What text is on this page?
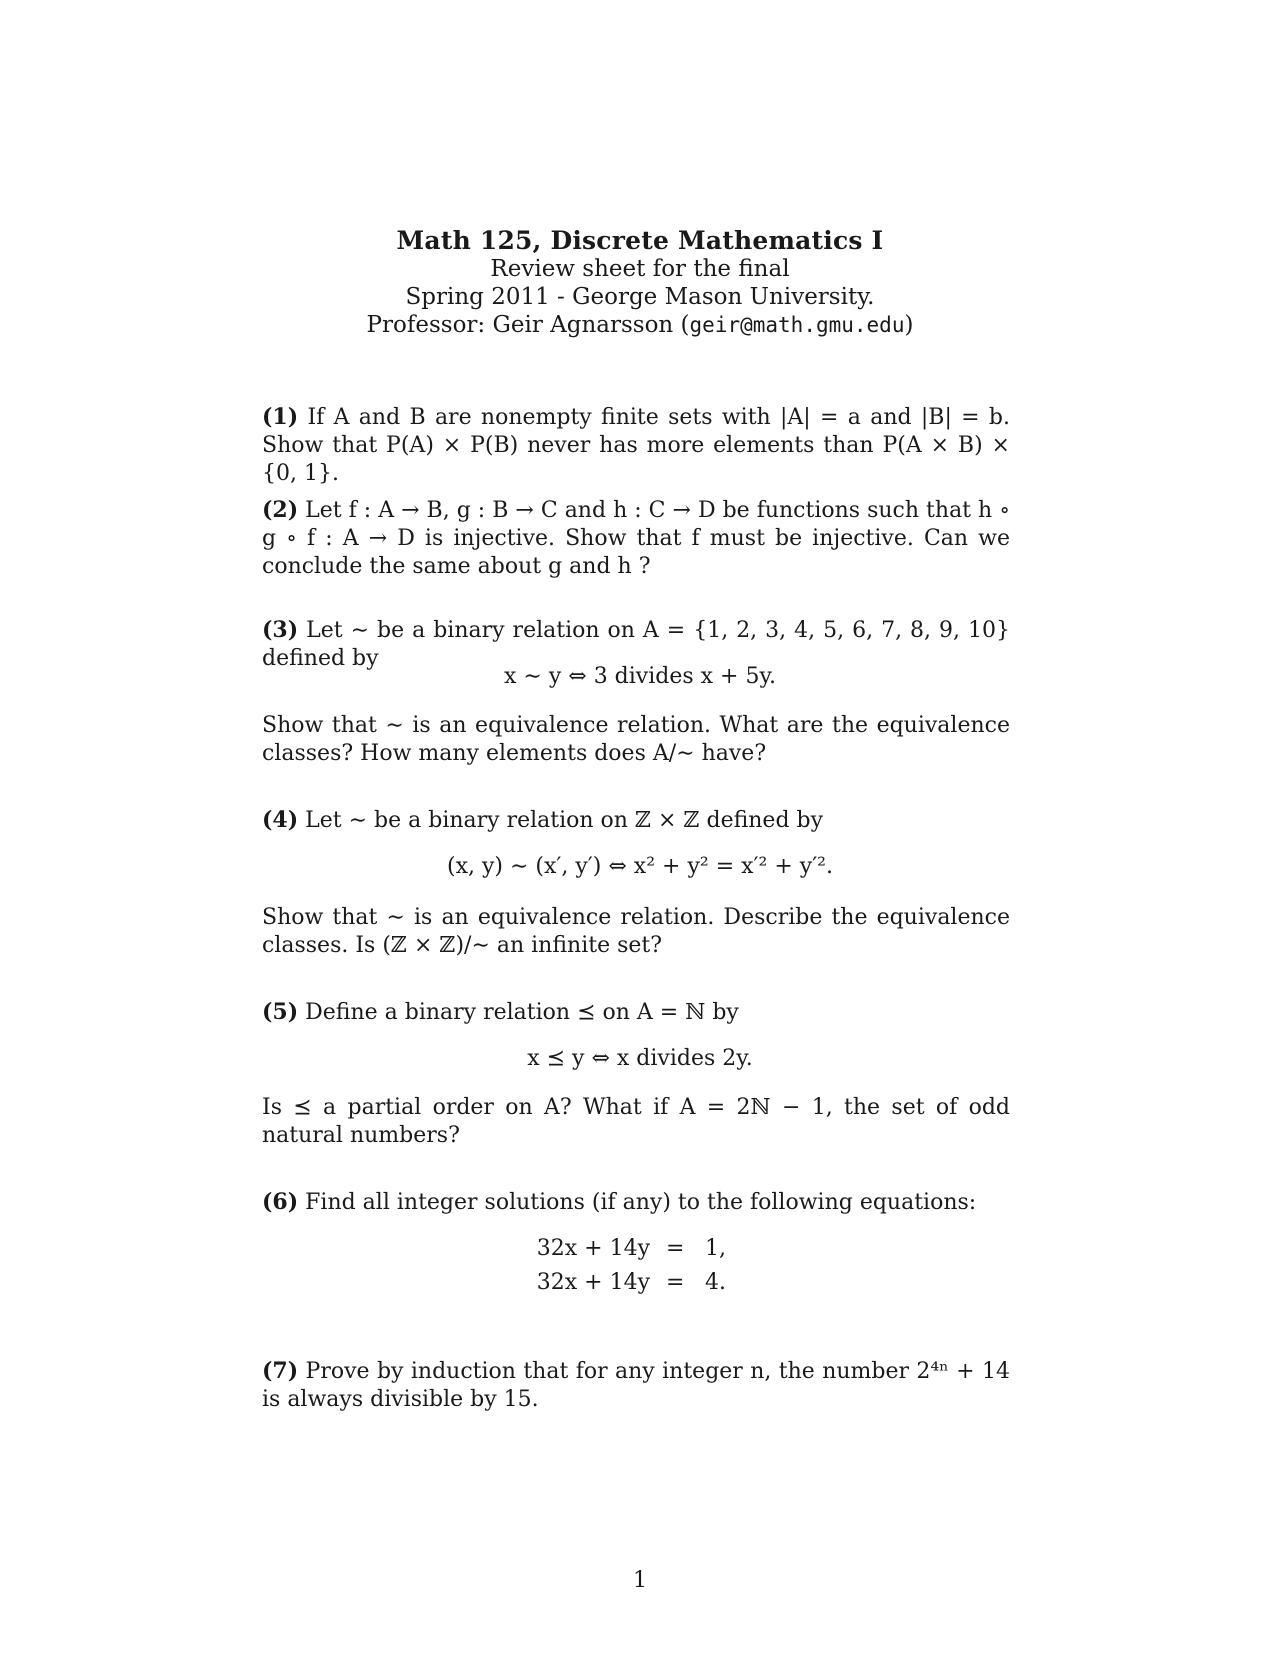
Math 125, Discrete Mathematics I
Review sheet for the final
Spring 2011 - George Mason University.
Professor: Geir Agnarsson (geir@math.gmu.edu)
(1) If A and B are nonempty finite sets with |A| = a and |B| = b. Show that P(A) × P(B) never has more elements than P(A × B) × {0, 1}.
(2) Let f : A → B, g : B → C and h : C → D be functions such that h ∘ g ∘ f : A → D is injective. Show that f must be injective. Can we conclude the same about g and h ?
(3) Let ∼ be a binary relation on A = {1, 2, 3, 4, 5, 6, 7, 8, 9, 10} defined by
x ∼ y ⇔ 3 divides x + 5y.
Show that ∼ is an equivalence relation. What are the equivalence classes? How many elements does A/∼ have?
(4) Let ∼ be a binary relation on ℤ × ℤ defined by
(x, y) ∼ (x′, y′) ⇔ x² + y² = x′² + y′².
Show that ∼ is an equivalence relation. Describe the equivalence classes. Is (ℤ × ℤ)/∼ an infinite set?
(5) Define a binary relation ⪯ on A = ℕ by
x ⪯ y ⇔ x divides 2y.
Is ⪯ a partial order on A? What if A = 2ℕ − 1, the set of odd natural numbers?
(6) Find all integer solutions (if any) to the following equations:
32x + 14y = 1,
32x + 14y = 4.
(7) Prove by induction that for any integer n, the number 2⁴ⁿ + 14 is always divisible by 15.
1
